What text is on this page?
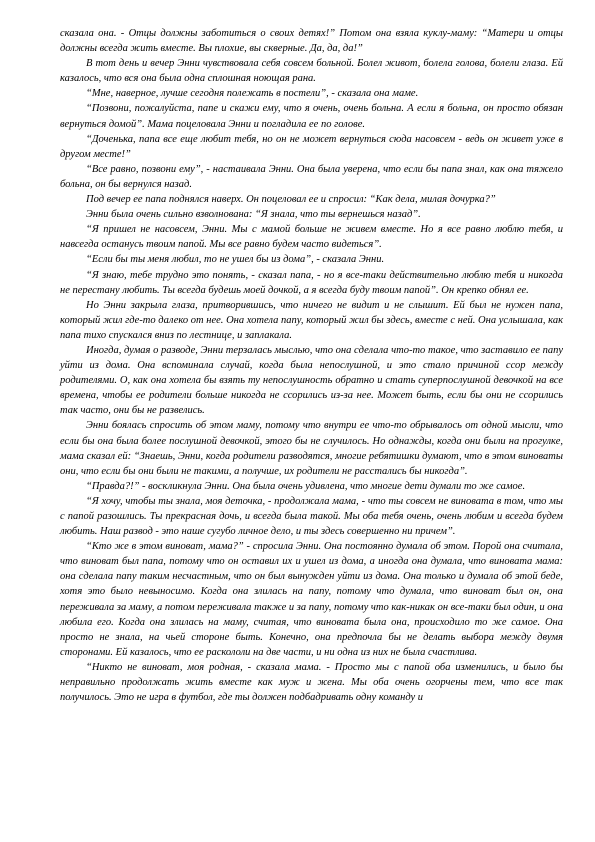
сказала она. - Отцы должны заботиться о своих детях!” Потом она взяла куклу-маму: “Матери и отцы должны всегда жить вместе. Вы плохие, вы скверные. Да, да, да!”

В тот день и вечер Энни чувствовала себя совсем больной. Болел живот, болела голова, болели глаза. Ей казалось, что вся она была одна сплошная ноющая рана.

“Мне, наверное, лучше сегодня полежать в постели”, - сказала она маме.

“Позвони, пожалуйста, папе и скажи ему, что я очень, очень больна. А если я больна, он просто обязан вернуться домой”. Мама поцеловала Энни и погладила ее по голове.

“Доченька, папа все еще любит тебя, но он не может вернуться сюда насовсем - ведь он живет уже в другом месте!”

“Все равно, позвони ему”, - настаивала Энни. Она была уверена, что если бы папа знал, как она тяжело больна, он бы вернулся назад.

Под вечер ее папа поднялся наверх. Он поцеловал ее и спросил: “Как дела, милая дочурка?”

Энни была очень сильно взволнована: “Я знала, что ты вернешься назад”.

“Я пришел не насовсем, Энни. Мы с мамой больше не живем вместе. Но я все равно люблю тебя, и навсегда останусь твоим папой. Мы все равно будем часто видеться”.

“Если бы ты меня любил, то не ушел бы из дома”, - сказала Энни.

“Я знаю, тебе трудно это понять, - сказал папа, - но я все-таки действительно люблю тебя и никогда не перестану любить. Ты всегда будешь моей дочкой, а я всегда буду твоим папой”. Он крепко обнял ее.

Но Энни закрыла глаза, притворившись, что ничего не видит и не слышит. Ей был не нужен папа, который жил где-то далеко от нее. Она хотела папу, который жил бы здесь, вместе с ней. Она услышала, как папа тихо спускался вниз по лестнице, и заплакала.

Иногда, думая о разводе, Энни терзалась мыслью, что она сделала что-то такое, что заставило ее папу уйти из дома. Она вспоминала случай, когда была непослушной, и это стало причиной ссор между родителями. О, как она хотела бы взять ту непослушность обратно и стать суперпослушной девочкой на все времена, чтобы ее родители больше никогда не ссорились из-за нее. Может быть, если бы они не ссорились так часто, они бы не развелись.

Энни боялась спросить об этом маму, потому что внутри ее что-то обрывалось от одной мысли, что если бы она была более послушной девочкой, этого бы не случилось. Но однажды, когда они были на прогулке, мама сказал ей: “Знаешь, Энни, когда родители разводятся, многие ребятишки думают, что в этом виноваты они, что если бы они были не такими, а получше, их родители не расстались бы никогда”.

“Правда?!” - воскликнула Энни. Она была очень удивлена, что многие дети думали то же самое.

“Я хочу, чтобы ты знала, моя деточка, - продолжала мама, - что ты совсем не виновата в том, что мы с папой разошлись. Ты прекрасная дочь, и всегда была такой. Мы оба тебя очень, очень любим и всегда будем любить. Наш развод - это наше сугубо личное дело, и ты здесь совершенно ни причем”.

“Кто же в этом виноват, мама?” - спросила Энни. Она постоянно думала об этом. Порой она считала, что виноват был папа, потому что он оставил их и ушел из дома, а иногда она думала, что виновата мама: она сделала папу таким несчастным, что он был вынужден уйти из дома. Она только и думала об этой беде, хотя это было невыносимо. Когда она злилась на папу, потому что думала, что виноват был он, она переживала за маму, а потом переживала также и за папу, потому что как-никак он все-таки был один, и она любила его. Когда она злилась на маму, считая, что виновата была она, происходило то же самое. Она просто не знала, на чьей стороне быть. Конечно, она предпочла бы не делать выбора между двумя сторонами. Ей казалось, что ее раскололи на две части, и ни одна из них не была счастлива.

“Никто не виноват, моя родная, - сказала мама. - Просто мы с папой оба изменились, и было бы неправильно продолжать жить вместе как муж и жена. Мы оба очень огорчены тем, что все так получилось. Это не игра в футбол, где ты должен подбадривать одну команду и
